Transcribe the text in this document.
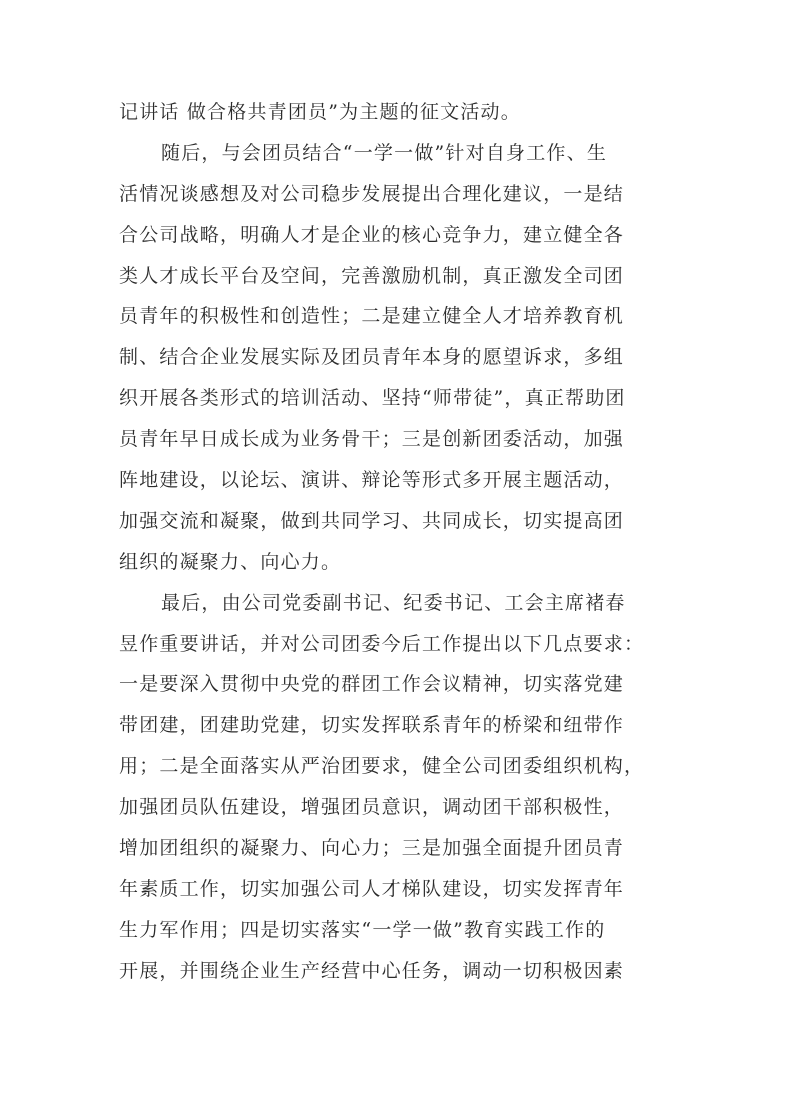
记讲话 做合格共青团员”为主题的征文活动。
随后，与会团员结合“一学一做”针对自身工作、生
活情况谈感想及对公司稳步发展提出合理化建议，一是结
合公司战略，明确人才是企业的核心竞争力，建立健全各
类人才成长平台及空间，完善激励机制，真正激发全司团
员青年的积极性和创造性；二是建立健全人才培养教育机
制、结合企业发展实际及团员青年本身的愿望诉求，多组
织开展各类形式的培训活动、坚持“师带徒”，真正帮助团
员青年早日成长成为业务骨干；三是创新团委活动，加强
阵地建设，以论坛、演讲、辩论等形式多开展主题活动，
加强交流和凝聚，做到共同学习、共同成长，切实提高团
组织的凝聚力、向心力。
最后，由公司党委副书记、纪委书记、工会主席褚春
昱作重要讲话，并对公司团委今后工作提出以下几点要求：
一是要深入贯彻中央党的群团工作会议精神，切实落党建
带团建，团建助党建，切实发挥联系青年的桥梁和纽带作
用；二是全面落实从严治团要求，健全公司团委组织机构，
加强团员队伍建设，增强团员意识，调动团干部积极性，
增加团组织的凝聚力、向心力；三是加强全面提升团员青
年素质工作，切实加强公司人才梯队建设，切实发挥青年
生力军作用；四是切实落实“一学一做”教育实践工作的
开展，并围绕企业生产经营中心任务，调动一切积极因素
